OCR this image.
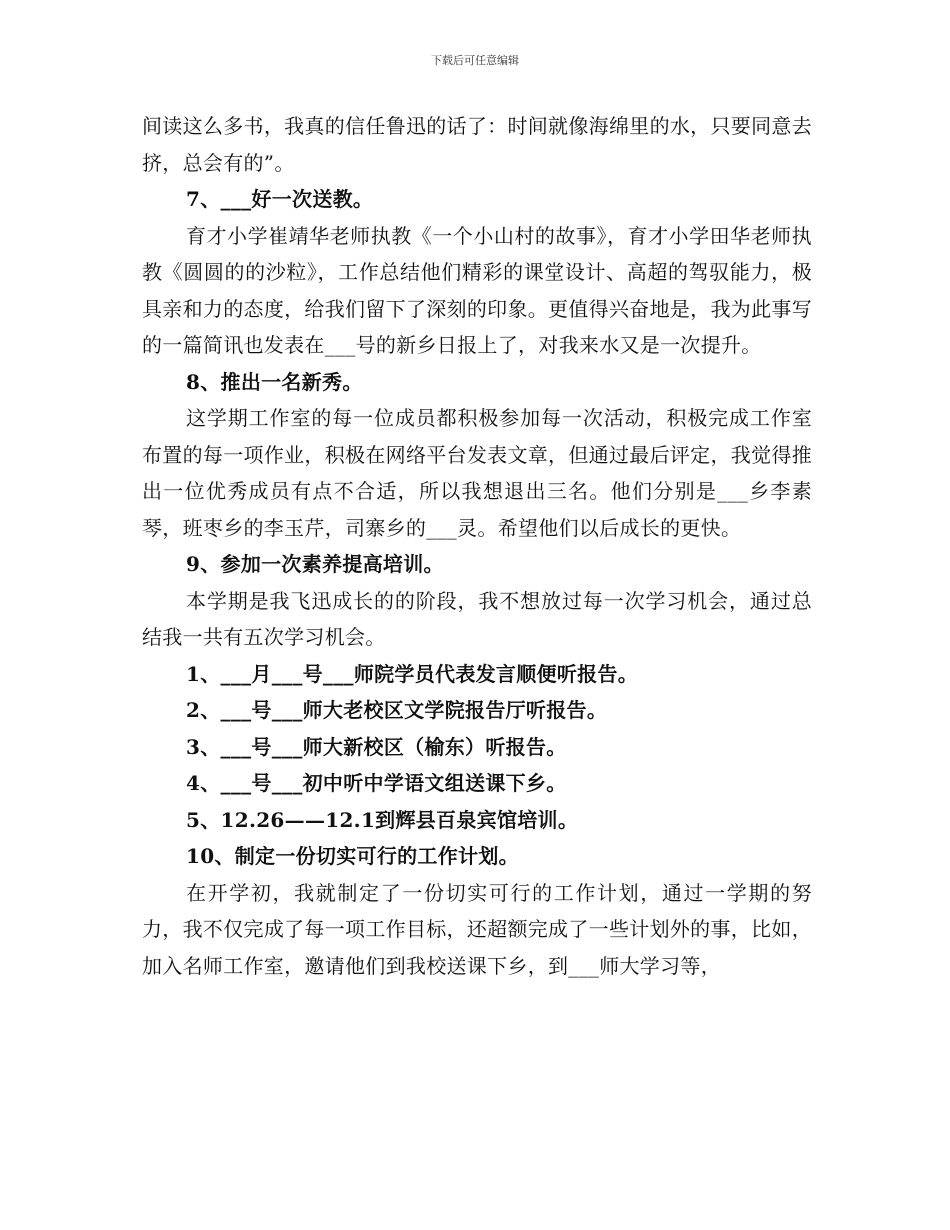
下载后可任意编辑

间读这么多书，我真的信任鲁迅的话了：时间就像海绵里的水，只要同意去挤，总会有的”。

7、___好一次送教。

育才小学崔靖华老师执教《一个小山村的故事》，育才小学田华老师执教《圆圆的的沙粒》，工作总结他们精彩的课堂设计、高超的驾驭能力，极具亲和力的态度，给我们留下了深刻的印象。更值得兴奋地是，我为此事写的一篇简讯也发表在___号的新乡日报上了，对我来水又是一次提升。

8、推出一名新秀。

这学期工作室的每一位成员都积极参加每一次活动，积极完成工作室布置的每一项作业，积极在网络平台发表文章，但通过最后评定，我觉得推出一位优秀成员有点不合适，所以我想退出三名。他们分别是___乡李素琴，班枣乡的李玉芹，司寨乡的___灵。希望他们以后成长的更快。

9、参加一次素养提高培训。

本学期是我飞迅成长的的阶段，我不想放过每一次学习机会，通过总结我一共有五次学习机会。

1、___月___号___师院学员代表发言顺便听报告。

2、___号___师大老校区文学院报告厅听报告。

3、___号___师大新校区（榆东）听报告。

4、___号___初中听中学语文组送课下乡。

5、12.26——12.1到辉县百泉宾馆培训。

10、制定一份切实可行的工作计划。

在开学初，我就制定了一份切实可行的工作计划，通过一学期的努力，我不仅完成了每一项工作目标，还超额完成了一些计划外的事，比如，加入名师工作室，邀请他们到我校送课下乡，到___师大学习等，
